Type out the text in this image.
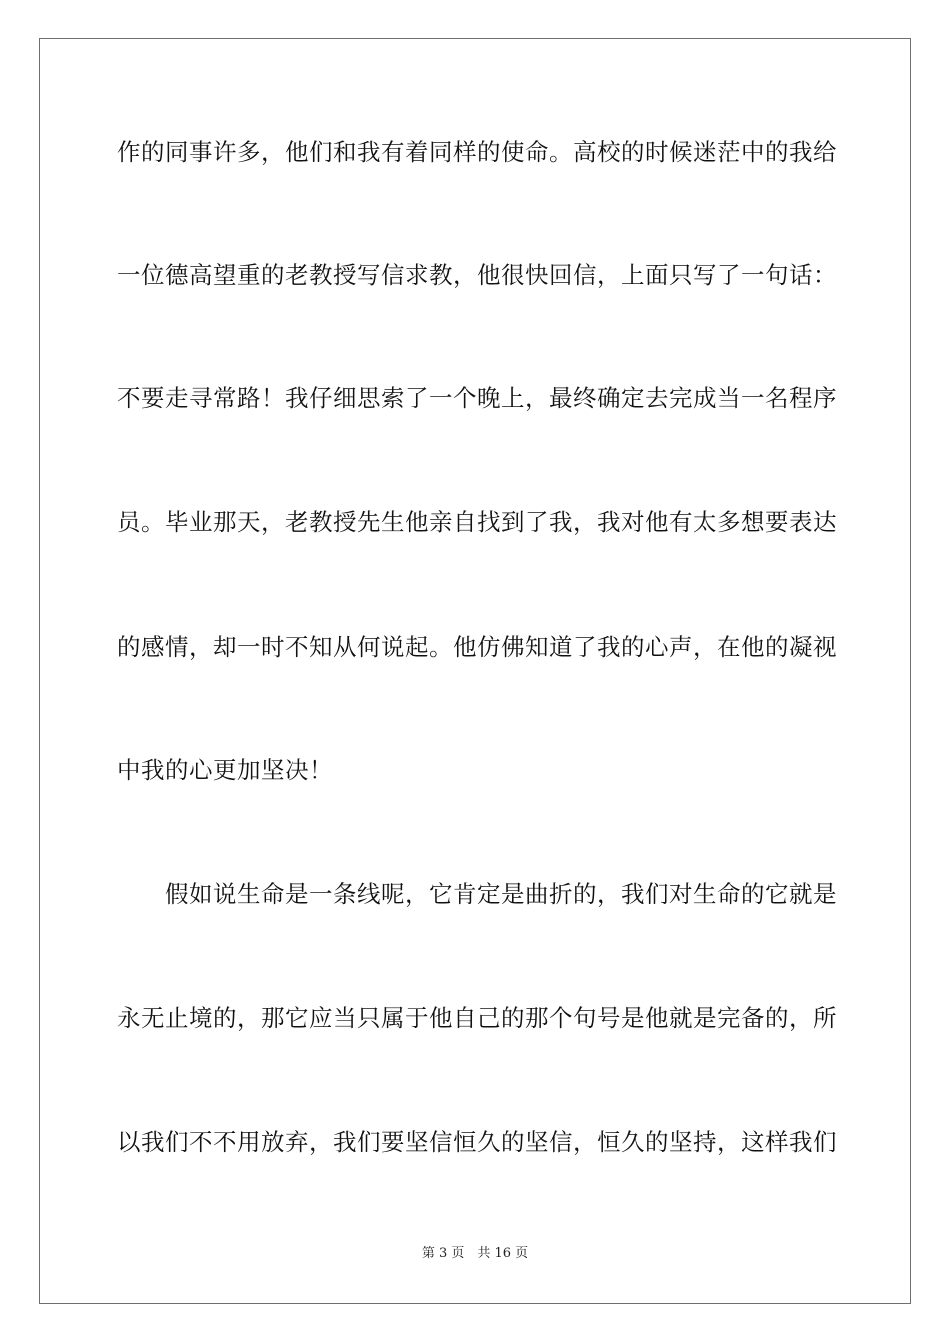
作的同事许多，他们和我有着同样的使命。高校的时候迷茫中的我给

一位德高望重的老教授写信求教，他很快回信，上面只写了一句话：

不要走寻常路！我仔细思索了一个晚上，最终确定去完成当一名程序

员。毕业那天，老教授先生他亲自找到了我，我对他有太多想要表达

的感情，却一时不知从何说起。他仿佛知道了我的心声，在他的凝视

中我的心更加坚决！

　　假如说生命是一条线呢，它肯定是曲折的，我们对生命的它就是

永无止境的，那它应当只属于他自己的那个句号是他就是完备的，所

以我们不不用放弃，我们要坚信恒久的坚信，恒久的坚持，这样我们

第 3 页　共 16 页
